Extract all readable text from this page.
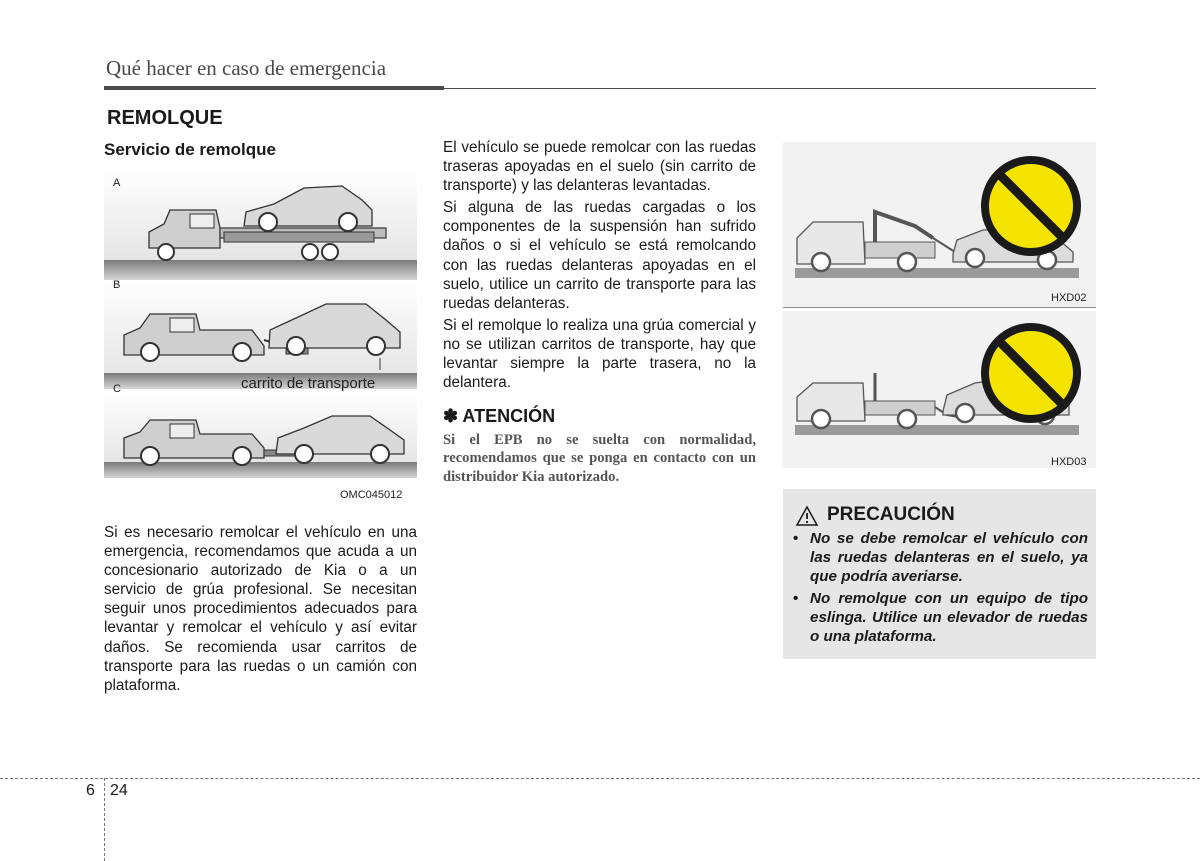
Qué hacer en caso de emergencia
REMOLQUE
Servicio de remolque
A
B
carrito de transporte
C
OMC045012
Si es necesario remolcar el vehículo en una emergencia, recomendamos que acuda a un concesionario autorizado de Kia o a un servicio de grúa profesional. Se necesitan seguir unos procedimientos adecuados para levantar y remolcar el vehículo y así evitar daños. Se recomienda usar carritos de transporte para las ruedas o un camión con plataforma.

El vehículo se puede remolcar con las ruedas traseras apoyadas en el suelo (sin carrito de transporte) y las delanteras levantadas.

Si alguna de las ruedas cargadas o los componentes de la suspensión han sufrido daños o si el vehículo se está remolcando con las ruedas delanteras apoyadas en el suelo, utilice un carrito de transporte para las ruedas delanteras.

Si el remolque lo realiza una grúa comercial y no se utilizan carritos de transporte, hay que levantar siempre la parte trasera, no la delantera.

✽ ATENCIÓN
Si el EPB no se suelta con normalidad, recomendamos que se ponga en contacto con un distribuidor Kia autorizado.
HXD02
HXD03
PRECAUCIÓN
• No se debe remolcar el vehículo con las ruedas delanteras en el suelo, ya que podría averiarse.
• No remolque con un equipo de tipo eslinga. Utilice un elevador de ruedas o una plataforma.
6 24
